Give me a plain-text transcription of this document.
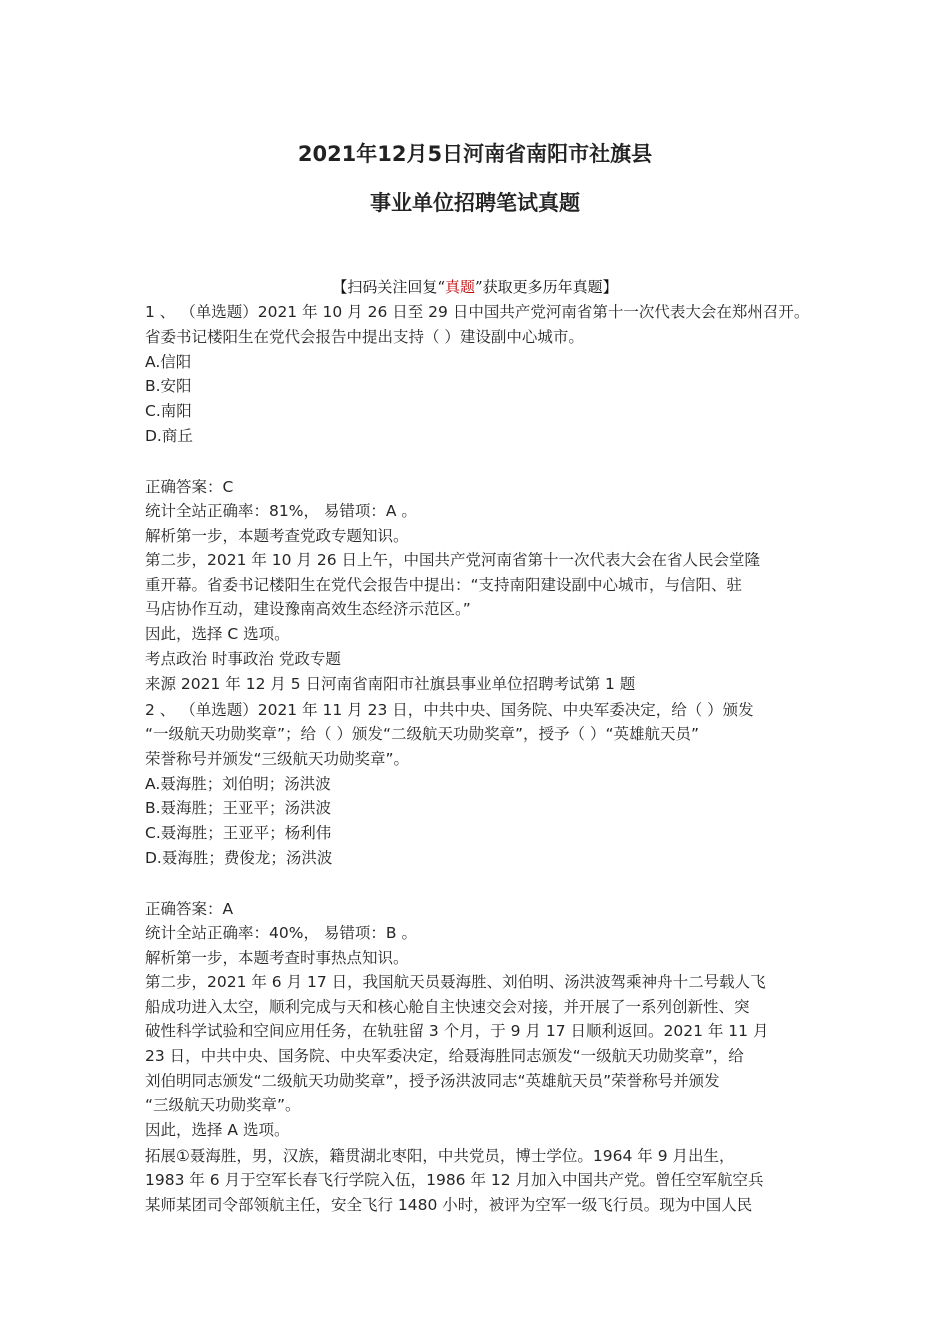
2021年12月5日河南省南阳市社旗县
事业单位招聘笔试真题
【扫码关注回复“真题”获取更多历年真题】
1 、 （单选题）2021 年 10 月 26 日至 29 日中国共产党河南省第十一次代表大会在郑州召开。
省委书记楼阳生在党代会报告中提出支持（ ）建设副中心城市。
A.信阳
B.安阳
C.南阳
D.商丘
正确答案：C
统计全站正确率：81%， 易错项：A 。
解析第一步，本题考查党政专题知识。
第二步，2021 年 10 月 26 日上午，中国共产党河南省第十一次代表大会在省人民会堂隆
重开幕。省委书记楼阳生在党代会报告中提出：“支持南阳建设副中心城市，与信阳、驻
马店协作互动，建设豫南高效生态经济示范区。”
因此，选择 C 选项。
考点政治 时事政治 党政专题
来源 2021 年 12 月 5 日河南省南阳市社旗县事业单位招聘考试第 1 题
2 、 （单选题）2021 年 11 月 23 日，中共中央、国务院、中央军委决定，给（ ）颁发
“一级航天功勋奖章”；给（ ）颁发“二级航天功勋奖章”，授予（ ）“英雄航天员”
荣誉称号并颁发“三级航天功勋奖章”。
A.聂海胜；刘伯明；汤洪波
B.聂海胜；王亚平；汤洪波
C.聂海胜；王亚平；杨利伟
D.聂海胜；费俊龙；汤洪波
正确答案：A
统计全站正确率：40%， 易错项：B 。
解析第一步，本题考查时事热点知识。
第二步，2021 年 6 月 17 日，我国航天员聂海胜、刘伯明、汤洪波驾乘神舟十二号载人飞
船成功进入太空，顺利完成与天和核心舱自主快速交会对接，并开展了一系列创新性、突
破性科学试验和空间应用任务，在轨驻留 3 个月，于 9 月 17 日顺利返回。2021 年 11 月
23 日，中共中央、国务院、中央军委决定，给聂海胜同志颁发“一级航天功勋奖章”，给
刘伯明同志颁发“二级航天功勋奖章”，授予汤洪波同志“英雄航天员”荣誉称号并颁发
“三级航天功勋奖章”。
因此，选择 A 选项。
拓展①聂海胜，男，汉族，籍贯湖北枣阳，中共党员，博士学位。1964 年 9 月出生，
1983 年 6 月于空军长春飞行学院入伍，1986 年 12 月加入中国共产党。曾任空军航空兵
某师某团司令部领航主任，安全飞行 1480 小时，被评为空军一级飞行员。现为中国人民
